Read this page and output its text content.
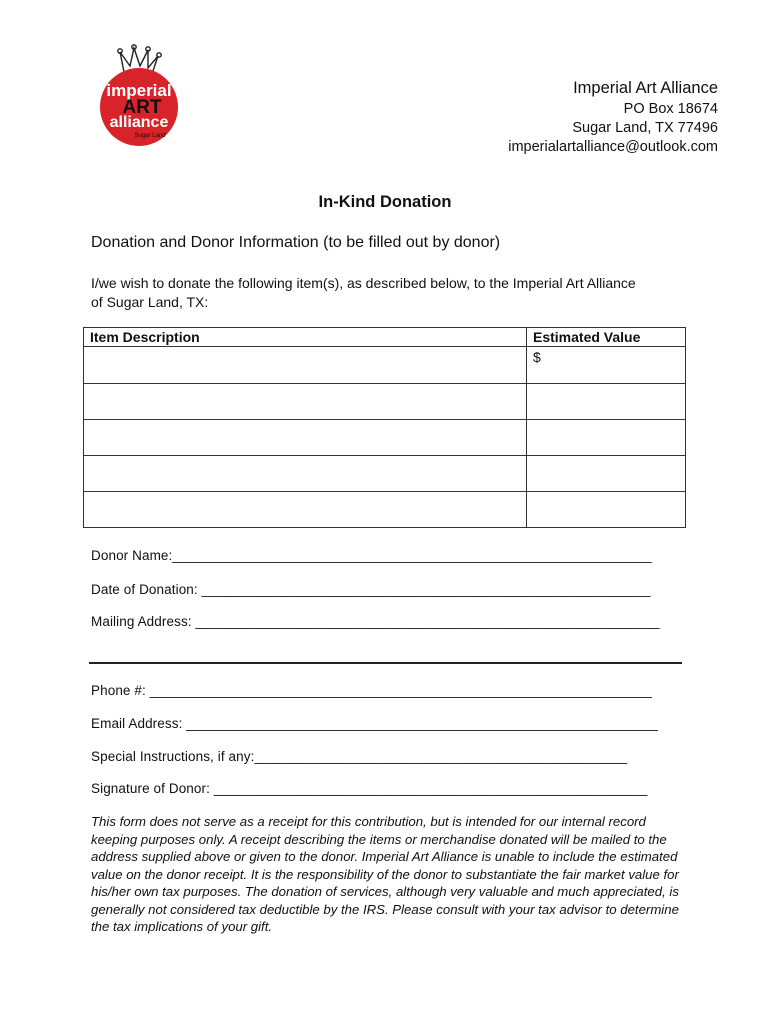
imperial
ART
alliance
Sugar Land
Imperial Art Alliance
PO Box 18674
Sugar Land, TX 77496
imperialartalliance@outlook.com
In-Kind Donation
Donation and Donor Information (to be filled out by donor)
I/we wish to donate the following item(s), as described below, to the Imperial Art Alliance of Sugar Land, TX:
Item Description	Estimated Value

	$

Donor Name:_______________________________________________________________
Date of Donation: ___________________________________________________________
Mailing Address: _____________________________________________________________
Phone #: __________________________________________________________________
Email Address: ______________________________________________________________
Special Instructions, if any:_________________________________________________
Signature of Donor: _________________________________________________________
This form does not serve as a receipt for this contribution, but is intended for our internal record keeping purposes only. A receipt describing the items or merchandise donated will be mailed to the address supplied above or given to the donor. Imperial Art Alliance is unable to include the estimated value on the donor receipt. It is the responsibility of the donor to substantiate the fair market value for his/her own tax purposes. The donation of services, although very valuable and much appreciated, is generally not considered tax deductible by the IRS. Please consult with your tax advisor to determine the tax implications of your gift.
